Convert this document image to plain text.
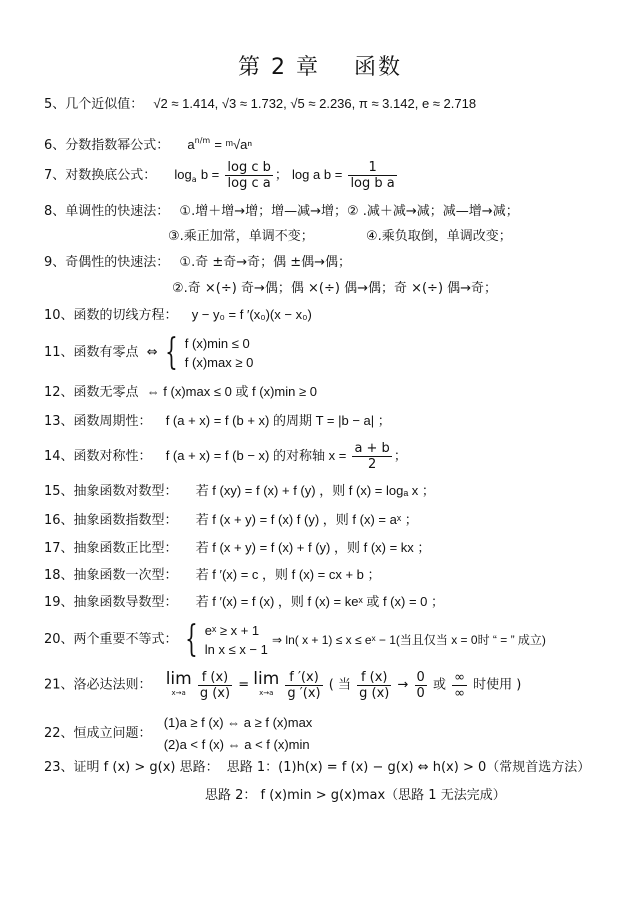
第 2 章 函数
5、几个近似值： √2 ≈ 1.414, √3 ≈ 1.732, √5 ≈ 2.236, π ≈ 3.142, e ≈ 2.718
6、分数指数幂公式： $a^{n/m}$ = ᵐ√aⁿ
7、对数换底公式： $\log_a b = \frac{\text{log c b}}{\text{log c a}}$ ； log a $b = \frac{1}{\text{log b a}}$
8、单调性的快速法： ①.增＋增→增；增—减→增；② .减＋减→减；减—增→减；
③.乘正加常，单调不变；	④.乘负取倒，单调改变；
9、奇偶性的快速法： ①.奇 ±奇→奇；偶 ±偶→偶；
②.奇 ×(÷) 奇→偶；偶 ×(÷) 偶→偶；奇 ×(÷) 偶→奇；
10、函数的切线方程： y − y₀ = f ′(x₀)(x − x₀)
11、函数有零点 ⇔ { f (x)min ≤ 0
f (x)max ≥ 0
12、函数无零点 ⇔ f (x)max ≤ 0 或 f (x)min ≥ 0
13、函数周期性： f (a + x) = f (b + x) 的周期 T = |b − a| ；
14、函数对称性： f (a + x) = f (b − x) 的对称轴 $x = \frac{a + b}{2}$ ；
15、抽象函数对数型： 若 f (xy) = f (x) + f (y) ，则 f (x) = logₐ x ；
16、抽象函数指数型： 若 f (x + y) = f (x) f (y) ，则 f (x) = aˣ ；
17、抽象函数正比型： 若 f (x + y) = f (x) + f (y) ，则 f (x) = kx ；
18、抽象函数一次型： 若 f ′(x) = c ，则 f (x) = cx + b ；
19、抽象函数导数型： 若 f ′(x) = f (x) ，则 f (x) = keˣ 或 f (x) = 0 ；
20、两个重要不等式： { eˣ ≥ x + 1
ln x ≤ x − 1
⇒ ln( x + 1) ≤ x ≤ eˣ − 1(当且仅当 x = 0时 “ = ” 成立)
21、洛必达法则： lim
x→a
$\frac{f (x)}{g (x)} = \lim$
x→a
$\frac{f '(x)}{g '(x)}$ ( 当 $\frac{f (x)}{g (x)} \to \frac{0}{0}$ 或 $\frac{\infty}{\infty}$ 时使用 )
22、恒成立问题：
(1)a ≥ f (x) ⇔ a ≥ f (x)max
(2)a < f (x) ⇔ a < f (x)min
23、证明 f (x) > g(x) 思路： 思路 1：(1)h(x) = f (x) − g(x) ⇔ h(x) > 0（常规首选方法）
思路 2： f (x)min > g(x)max（思路 1 无法完成）
